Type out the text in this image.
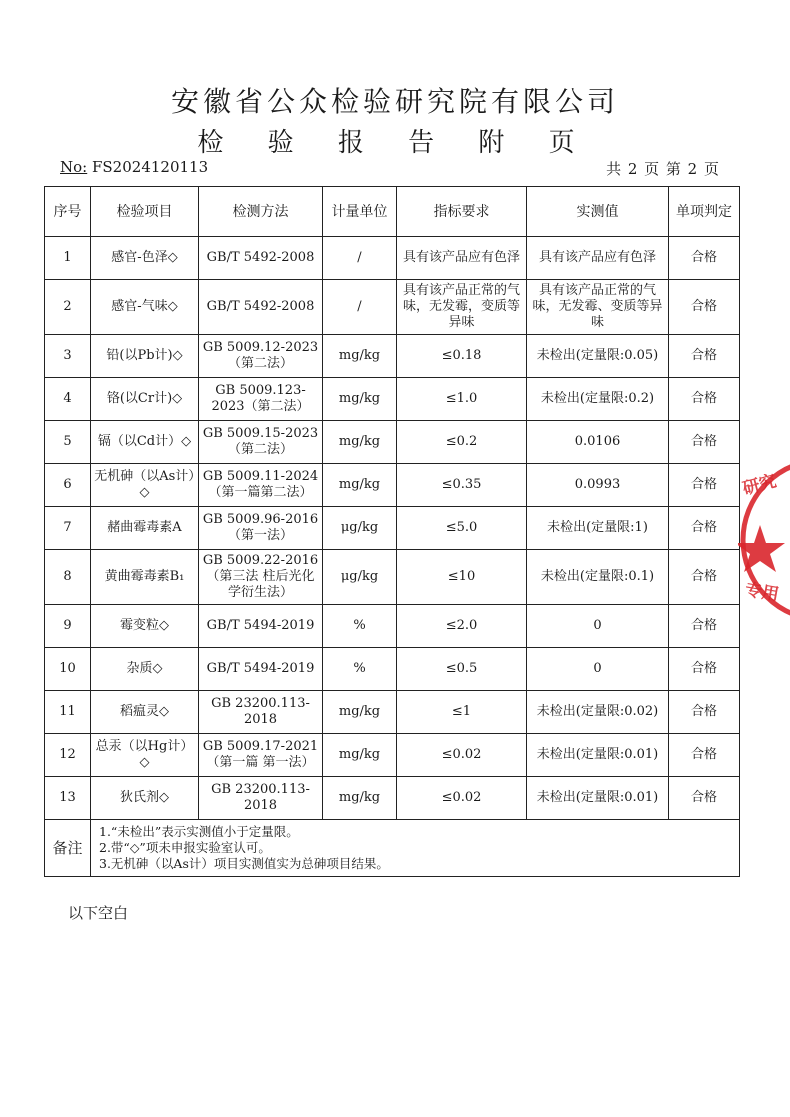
安徽省公众检验研究院有限公司
检 验 报 告 附 页
No: FS2024120113	共 2 页 第 2 页
序号	检验项目	检测方法	计量单位	指标要求	实测值	单项判定
1	感官-色泽◇	GB/T 5492-2008	/	具有该产品应有色泽	具有该产品应有色泽	合格
2	感官-气味◇	GB/T 5492-2008	/	具有该产品正常的气味，无发霉，变质等异味	具有该产品正常的气味，无发霉、变质等异味	合格
3	铅(以Pb计)◇	GB 5009.12-2023（第二法）	mg/kg	≤0.18	未检出(定量限:0.05)	合格
4	铬(以Cr计)◇	GB 5009.123-2023（第二法）	mg/kg	≤1.0	未检出(定量限:0.2)	合格
5	镉（以Cd计）◇	GB 5009.15-2023（第二法）	mg/kg	≤0.2	0.0106	合格
6	无机砷（以As计）◇	GB 5009.11-2024（第一篇第二法）	mg/kg	≤0.35	0.0993	合格
7	赭曲霉毒素A	GB 5009.96-2016（第一法）	μg/kg	≤5.0	未检出(定量限:1)	合格
8	黄曲霉毒素B₁	GB 5009.22-2016（第三法 柱后光化学衍生法）	μg/kg	≤10	未检出(定量限:0.1)	合格
9	霉变粒◇	GB/T 5494-2019	%	≤2.0	0	合格
10	杂质◇	GB/T 5494-2019	%	≤0.5	0	合格
11	稻瘟灵◇	GB 23200.113-2018	mg/kg	≤1	未检出(定量限:0.02)	合格
12	总汞（以Hg计）◇	GB 5009.17-2021（第一篇 第一法）	mg/kg	≤0.02	未检出(定量限:0.01)	合格
13	狄氏剂◇	GB 23200.113-2018	mg/kg	≤0.02	未检出(定量限:0.01)	合格
备注	1.“未检出”表示实测值小于定量限。
2.带“◇”项未申报实验室认可。
3.无机砷（以As计）项目实测值实为总砷项目结果。					
以下空白
研究
专用
